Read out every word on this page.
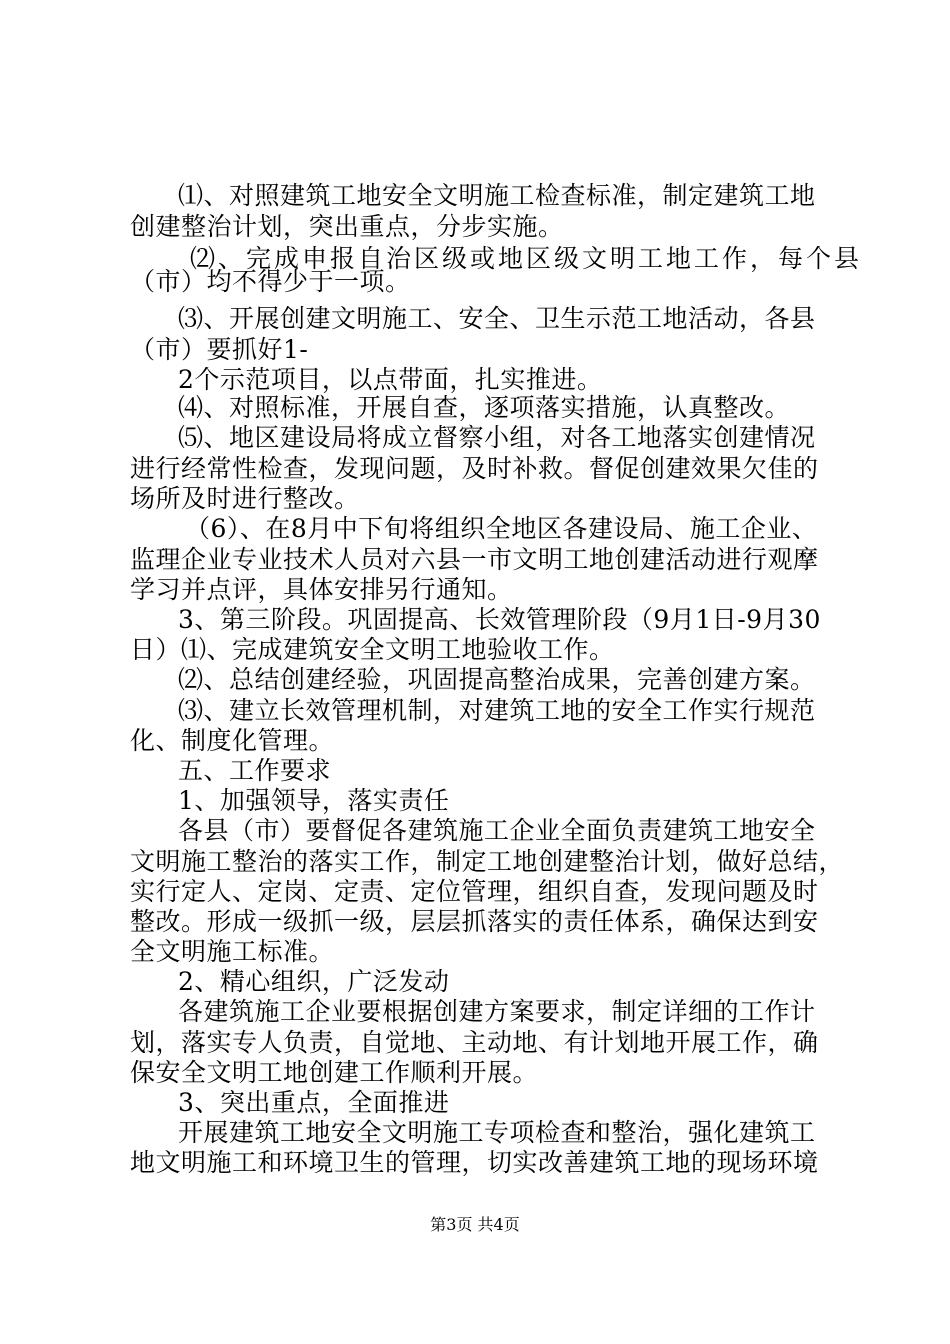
⑴、对照建筑工地安全文明施工检查标准，制定建筑工地
创建整治计划，突出重点，分步实施。
⑵、完成申报自治区级或地区级文明工地工作，每个县
（市）均不得少于一项。
⑶、开展创建文明施工、安全、卫生示范工地活动，各县
（市）要抓好1-
2个示范项目，以点带面，扎实推进。
⑷、对照标准，开展自查，逐项落实措施，认真整改。
⑸、地区建设局将成立督察小组，对各工地落实创建情况
进行经常性检查，发现问题，及时补救。督促创建效果欠佳的
场所及时进行整改。
（6）、在8月中下旬将组织全地区各建设局、施工企业、
监理企业专业技术人员对六县一市文明工地创建活动进行观摩
学习并点评，具体安排另行通知。
3、第三阶段。巩固提高、长效管理阶段（9月1日-9月30
日）⑴、完成建筑安全文明工地验收工作。
⑵、总结创建经验，巩固提高整治成果，完善创建方案。
⑶、建立长效管理机制，对建筑工地的安全工作实行规范
化、制度化管理。
五、工作要求
1、加强领导，落实责任
各县（市）要督促各建筑施工企业全面负责建筑工地安全
文明施工整治的落实工作，制定工地创建整治计划，做好总结，
实行定人、定岗、定责、定位管理，组织自查，发现问题及时
整改。形成一级抓一级，层层抓落实的责任体系，确保达到安
全文明施工标准。
2、精心组织，广泛发动
各建筑施工企业要根据创建方案要求，制定详细的工作计
划，落实专人负责，自觉地、主动地、有计划地开展工作，确
保安全文明工地创建工作顺利开展。
3、突出重点，全面推进
开展建筑工地安全文明施工专项检查和整治，强化建筑工
地文明施工和环境卫生的管理，切实改善建筑工地的现场环境
第3页 共4页
